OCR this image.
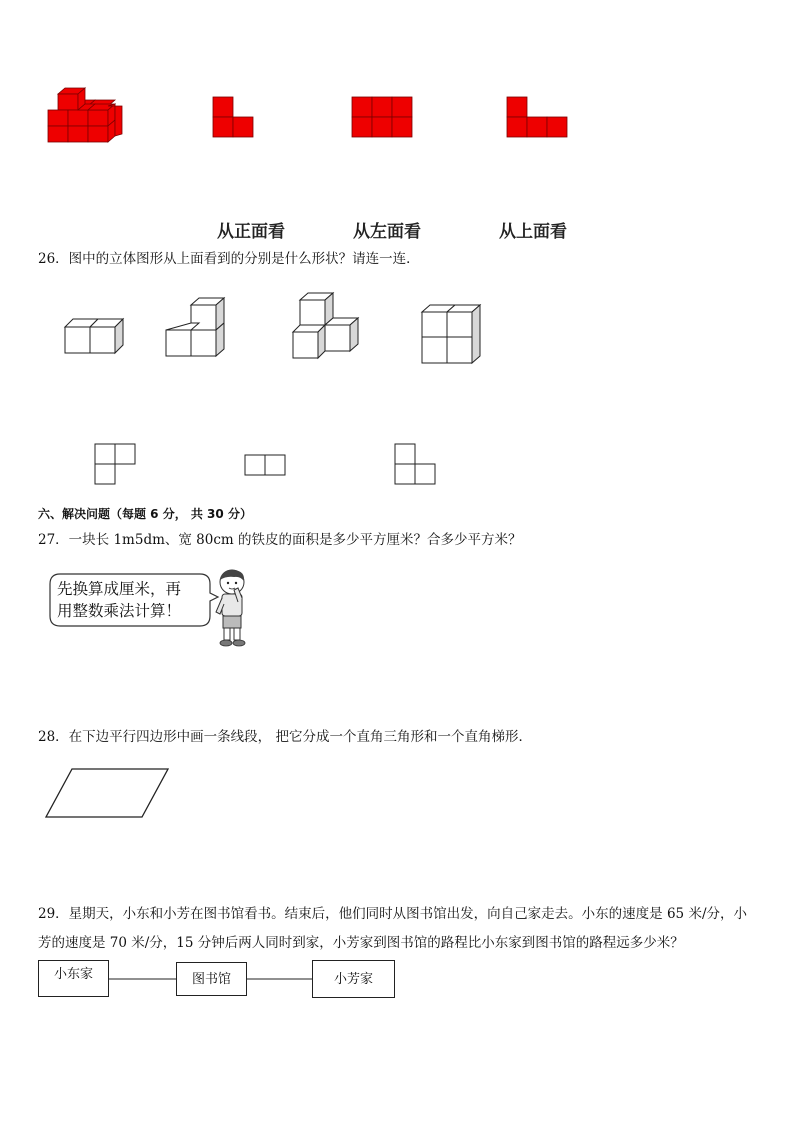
从正面看	从左面看	从上面看
26．图中的立体图形从上面看到的分别是什么形状？请连一连．
六、解决问题（每题 6 分， 共 30 分）
27．一块长 1m5dm、宽 80cm 的铁皮的面积是多少平方厘米？合多少平方米？
先换算成厘米，再
用整数乘法计算！
28．在下边平行四边形中画一条线段， 把它分成一个直角三角形和一个直角梯形．
29．星期天，小东和小芳在图书馆看书。结束后，他们同时从图书馆出发，向自己家走去。小东的速度是 65 米/分，小
芳的速度是 70 米/分，15 分钟后两人同时到家，小芳家到图书馆的路程比小东家到图书馆的路程远多少米？
小东家	图书馆	小芳家
